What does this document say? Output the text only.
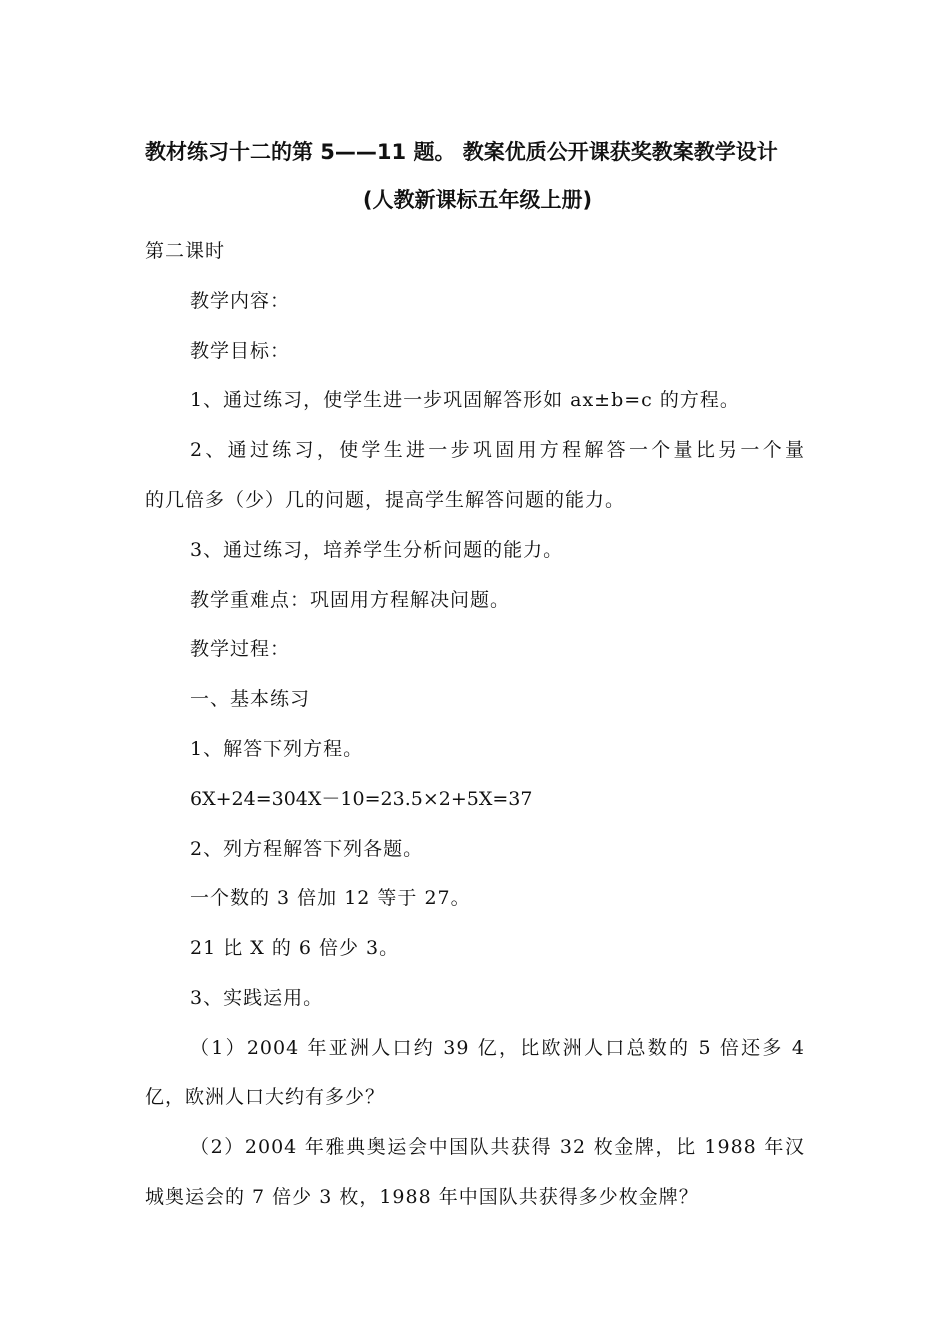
教材练习十二的第 5——11 题。 教案优质公开课获奖教案教学设计
(人教新课标五年级上册)
第二课时
教学内容：
教学目标：
1、通过练习，使学生进一步巩固解答形如 ax±b=c 的方程。
2、通过练习，使学生进一步巩固用方程解答一个量比另一个量
的几倍多（少）几的问题，提高学生解答问题的能力。
3、通过练习，培养学生分析问题的能力。
教学重难点：巩固用方程解决问题。
教学过程：
一、基本练习
1、解答下列方程。
6X+24=304X－10=23.5×2+5X=37
2、列方程解答下列各题。
一个数的 3 倍加 12 等于 27。
21 比 X 的 6 倍少 3。
3、实践运用。
（1）2004 年亚洲人口约 39 亿，比欧洲人口总数的 5 倍还多 4
亿，欧洲人口大约有多少？
（2）2004 年雅典奥运会中国队共获得 32 枚金牌，比 1988 年汉
城奥运会的 7 倍少 3 枚，1988 年中国队共获得多少枚金牌？
